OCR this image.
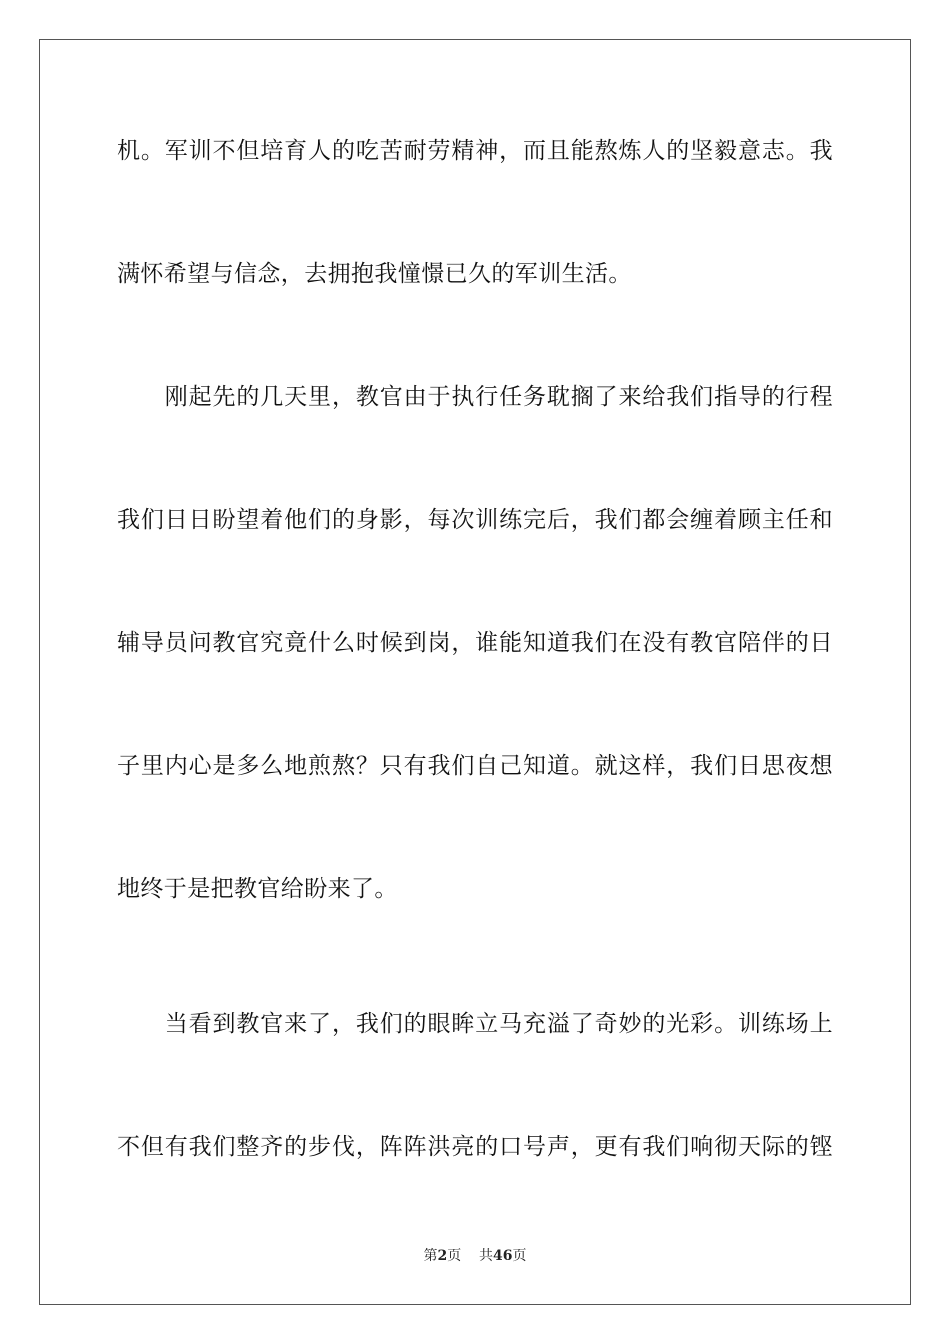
机。军训不但培育人的吃苦耐劳精神，而且能熬炼人的坚毅意志。我
满怀希望与信念，去拥抱我憧憬已久的军训生活。
　　刚起先的几天里，教官由于执行任务耽搁了来给我们指导的行程
我们日日盼望着他们的身影，每次训练完后，我们都会缠着顾主任和
辅导员问教官究竟什么时候到岗，谁能知道我们在没有教官陪伴的日
子里内心是多么地煎熬？只有我们自己知道。就这样，我们日思夜想
地终于是把教官给盼来了。
　　当看到教官来了，我们的眼眸立马充溢了奇妙的光彩。训练场上
不但有我们整齐的步伐，阵阵洪亮的口号声，更有我们响彻天际的铿
第2页 共46页
